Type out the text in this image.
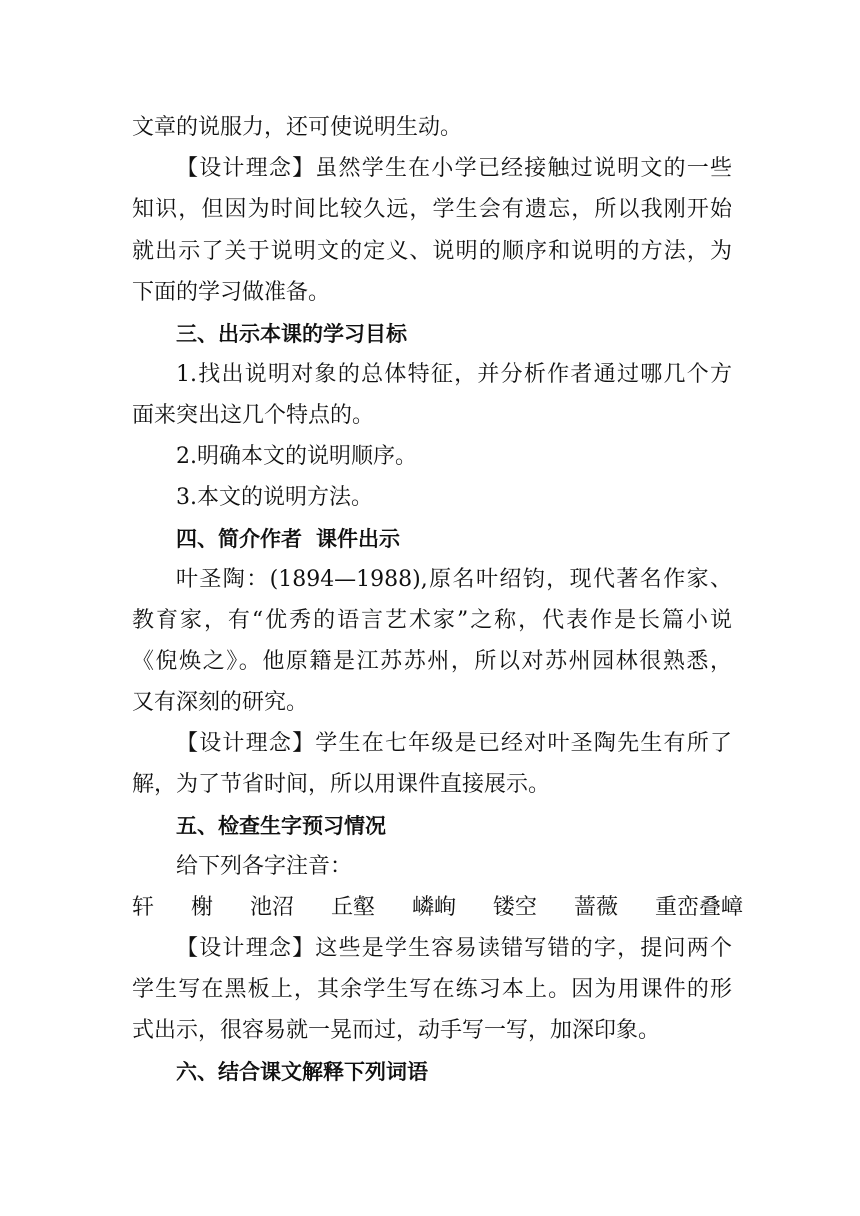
文章的说服力，还可使说明生动。
【设计理念】虽然学生在小学已经接触过说明文的一些
知识，但因为时间比较久远，学生会有遗忘，所以我刚开始
就出示了关于说明文的定义、说明的顺序和说明的方法，为
下面的学习做准备。
三、出示本课的学习目标
1.找出说明对象的总体特征，并分析作者通过哪几个方
面来突出这几个特点的。
2.明确本文的说明顺序。
3.本文的说明方法。
四、简介作者 课件出示
叶圣陶：(1894—1988),原名叶绍钧，现代著名作家、
教育家，有“优秀的语言艺术家”之称，代表作是长篇小说
《倪焕之》。他原籍是江苏苏州，所以对苏州园林很熟悉，
又有深刻的研究。
【设计理念】学生在七年级是已经对叶圣陶先生有所了
解，为了节省时间，所以用课件直接展示。
五、检查生字预习情况
给下列各字注音：
轩 榭 池沼 丘壑 嶙峋 镂空 蔷薇 重峦叠嶂
【设计理念】这些是学生容易读错写错的字，提问两个
学生写在黑板上，其余学生写在练习本上。因为用课件的形
式出示，很容易就一晃而过，动手写一写，加深印象。
六、结合课文解释下列词语
